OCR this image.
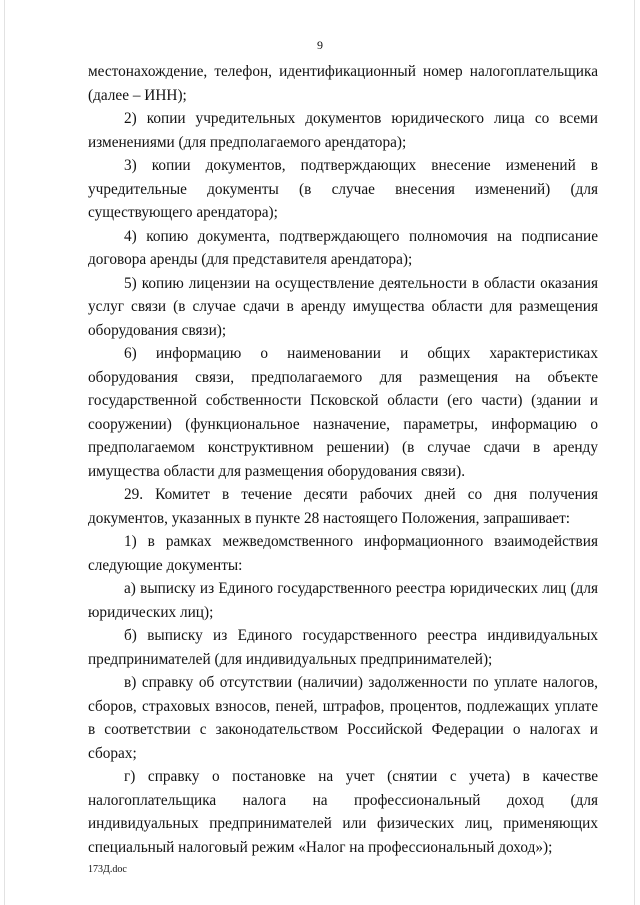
9

местонахождение, телефон, идентификационный номер налогоплательщика (далее – ИНН);

2) копии учредительных документов юридического лица со всеми изменениями (для предполагаемого арендатора);

3) копии документов, подтверждающих внесение изменений в учредительные документы (в случае внесения изменений) (для существующего арендатора);

4) копию документа, подтверждающего полномочия на подписание договора аренды (для представителя арендатора);

5) копию лицензии на осуществление деятельности в области оказания услуг связи (в случае сдачи в аренду имущества области для размещения оборудования связи);

6) информацию о наименовании и общих характеристиках оборудования связи, предполагаемого для размещения на объекте государственной собственности Псковской области (его части) (здании и сооружении) (функциональное назначение, параметры, информацию о предполагаемом конструктивном решении) (в случае сдачи в аренду имущества области для размещения оборудования связи).

29. Комитет в течение десяти рабочих дней со дня получения документов, указанных в пункте 28 настоящего Положения, запрашивает:

1) в рамках межведомственного информационного взаимодействия следующие документы:

а) выписку из Единого государственного реестра юридических лиц (для юридических лиц);

б) выписку из Единого государственного реестра индивидуальных предпринимателей (для индивидуальных предпринимателей);

в) справку об отсутствии (наличии) задолженности по уплате налогов, сборов, страховых взносов, пеней, штрафов, процентов, подлежащих уплате в соответствии с законодательством Российской Федерации о налогах и сборах;

г) справку о постановке на учет (снятии с учета) в качестве налогоплательщика налога на профессиональный доход (для индивидуальных предпринимателей или физических лиц, применяющих специальный налоговый режим «Налог на профессиональный доход»);

173Д.doc
